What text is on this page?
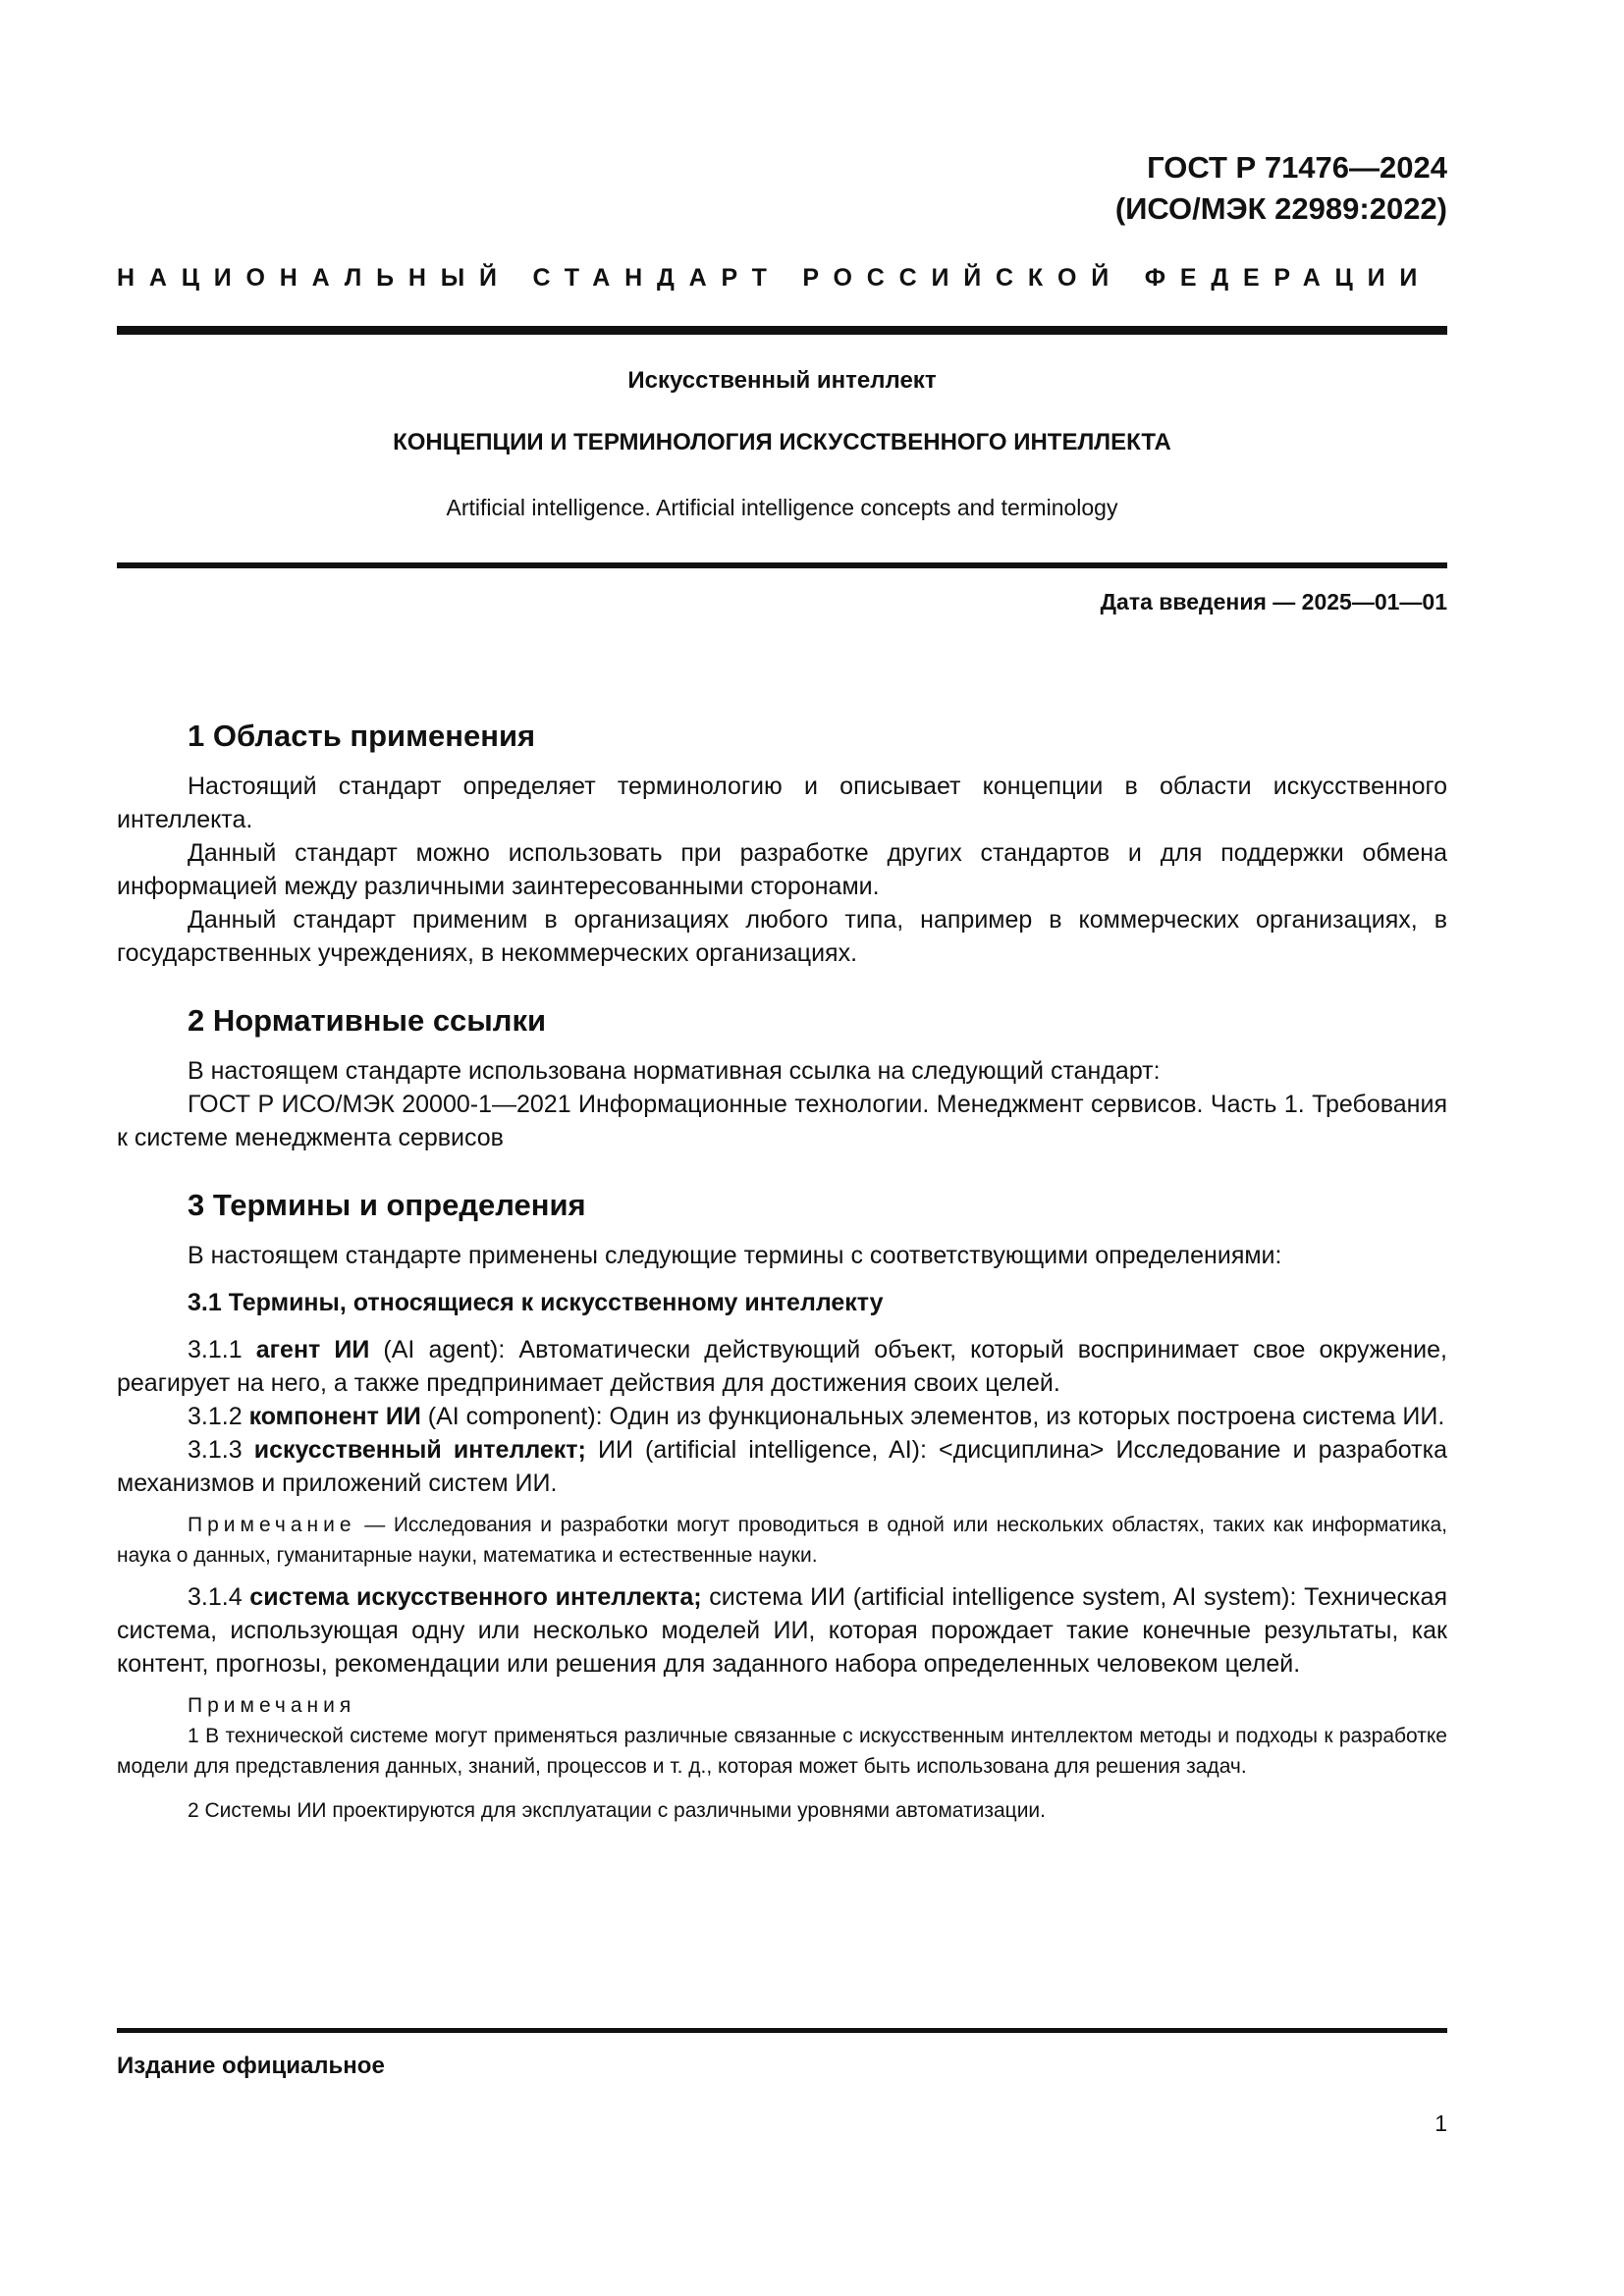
ГОСТ Р 71476—2024
(ИСО/МЭК 22989:2022)
НАЦИОНАЛЬНЫЙ СТАНДАРТ РОССИЙСКОЙ ФЕДЕРАЦИИ
Искусственный интеллект
КОНЦЕПЦИИ И ТЕРМИНОЛОГИЯ ИСКУССТВЕННОГО ИНТЕЛЛЕКТА
Artificial intelligence. Artificial intelligence concepts and terminology
Дата введения — 2025—01—01
1 Область применения

Настоящий стандарт определяет терминологию и описывает концепции в области искусственного интеллекта.

Данный стандарт можно использовать при разработке других стандартов и для поддержки обмена информацией между различными заинтересованными сторонами.

Данный стандарт применим в организациях любого типа, например в коммерческих организациях, в государственных учреждениях, в некоммерческих организациях.

2 Нормативные ссылки

В настоящем стандарте использована нормативная ссылка на следующий стандарт:

ГОСТ Р ИСО/МЭК 20000-1—2021 Информационные технологии. Менеджмент сервисов. Часть 1. Требования к системе менеджмента сервисов

3 Термины и определения

В настоящем стандарте применены следующие термины с соответствующими определениями:

3.1 Термины, относящиеся к искусственному интеллекту

3.1.1 агент ИИ (AI agent): Автоматически действующий объект, который воспринимает свое окружение, реагирует на него, а также предпринимает действия для достижения своих целей.

3.1.2 компонент ИИ (AI component): Один из функциональных элементов, из которых построена система ИИ.

3.1.3 искусственный интеллект; ИИ (artificial intelligence, AI): <дисциплина> Исследование и разработка механизмов и приложений систем ИИ.

Примечание — Исследования и разработки могут проводиться в одной или нескольких областях, таких как информатика, наука о данных, гуманитарные науки, математика и естественные науки.

3.1.4 система искусственного интеллекта; система ИИ (artificial intelligence system, AI system): Техническая система, использующая одну или несколько моделей ИИ, которая порождает такие конечные результаты, как контент, прогнозы, рекомендации или решения для заданного набора определенных человеком целей.

Примечания

1 В технической системе могут применяться различные связанные с искусственным интеллектом методы и подходы к разработке модели для представления данных, знаний, процессов и т. д., которая может быть использована для решения задач.

2 Системы ИИ проектируются для эксплуатации с различными уровнями автоматизации.

Издание официальное
1
